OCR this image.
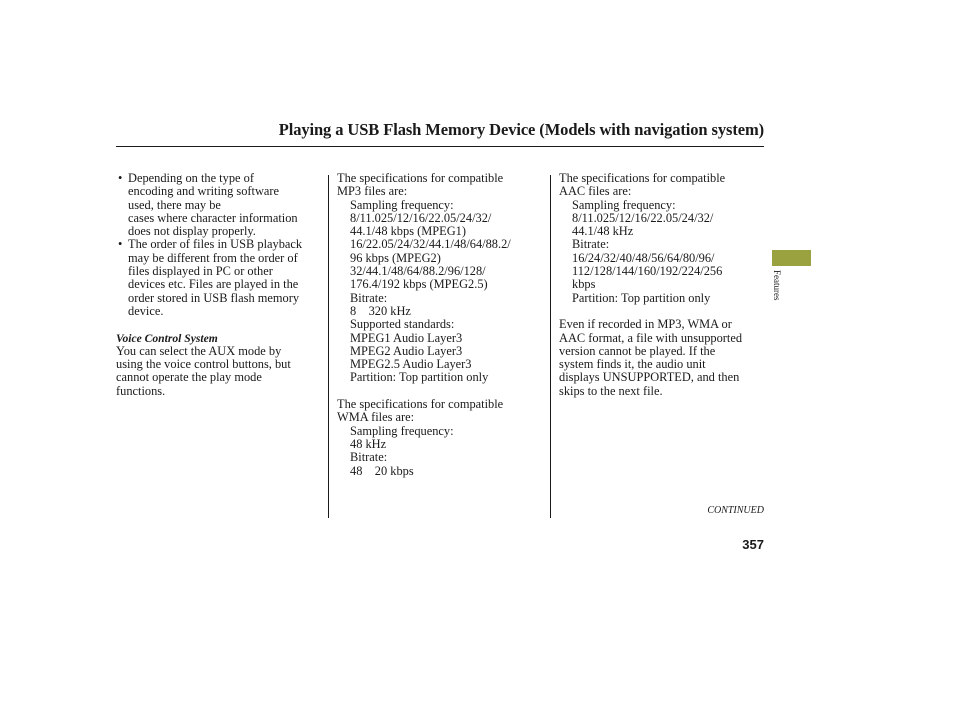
Playing a USB Flash Memory Device (Models with navigation system)
• Depending on the type of
encoding and writing software
used, there may be
cases where character information
does not display properly.
• The order of files in USB playback
may be different from the order of
files displayed in PC or other
devices etc. Files are played in the
order stored in USB flash memory
device.
Voice Control System
You can select the AUX mode by
using the voice control buttons, but
cannot operate the play mode
functions.
The specifications for compatible
MP3 files are:
Sampling frequency:
8/11.025/12/16/22.05/24/32/
44.1/48 kbps (MPEG1)
16/22.05/24/32/44.1/48/64/88.2/
96 kbps (MPEG2)
32/44.1/48/64/88.2/96/128/
176.4/192 kbps (MPEG2.5)
Bitrate:
8    320 kHz
Supported standards:
MPEG1 Audio Layer3
MPEG2 Audio Layer3
MPEG2.5 Audio Layer3
Partition: Top partition only
The specifications for compatible
WMA files are:
Sampling frequency:
48 kHz
Bitrate:
48    20 kbps
The specifications for compatible
AAC files are:
Sampling frequency:
8/11.025/12/16/22.05/24/32/
44.1/48 kHz
Bitrate:
16/24/32/40/48/56/64/80/96/
112/128/144/160/192/224/256
kbps
Partition: Top partition only
Even if recorded in MP3, WMA or
AAC format, a file with unsupported
version cannot be played. If the
system finds it, the audio unit
displays UNSUPPORTED, and then
skips to the next file.
Features
CONTINUED
357
